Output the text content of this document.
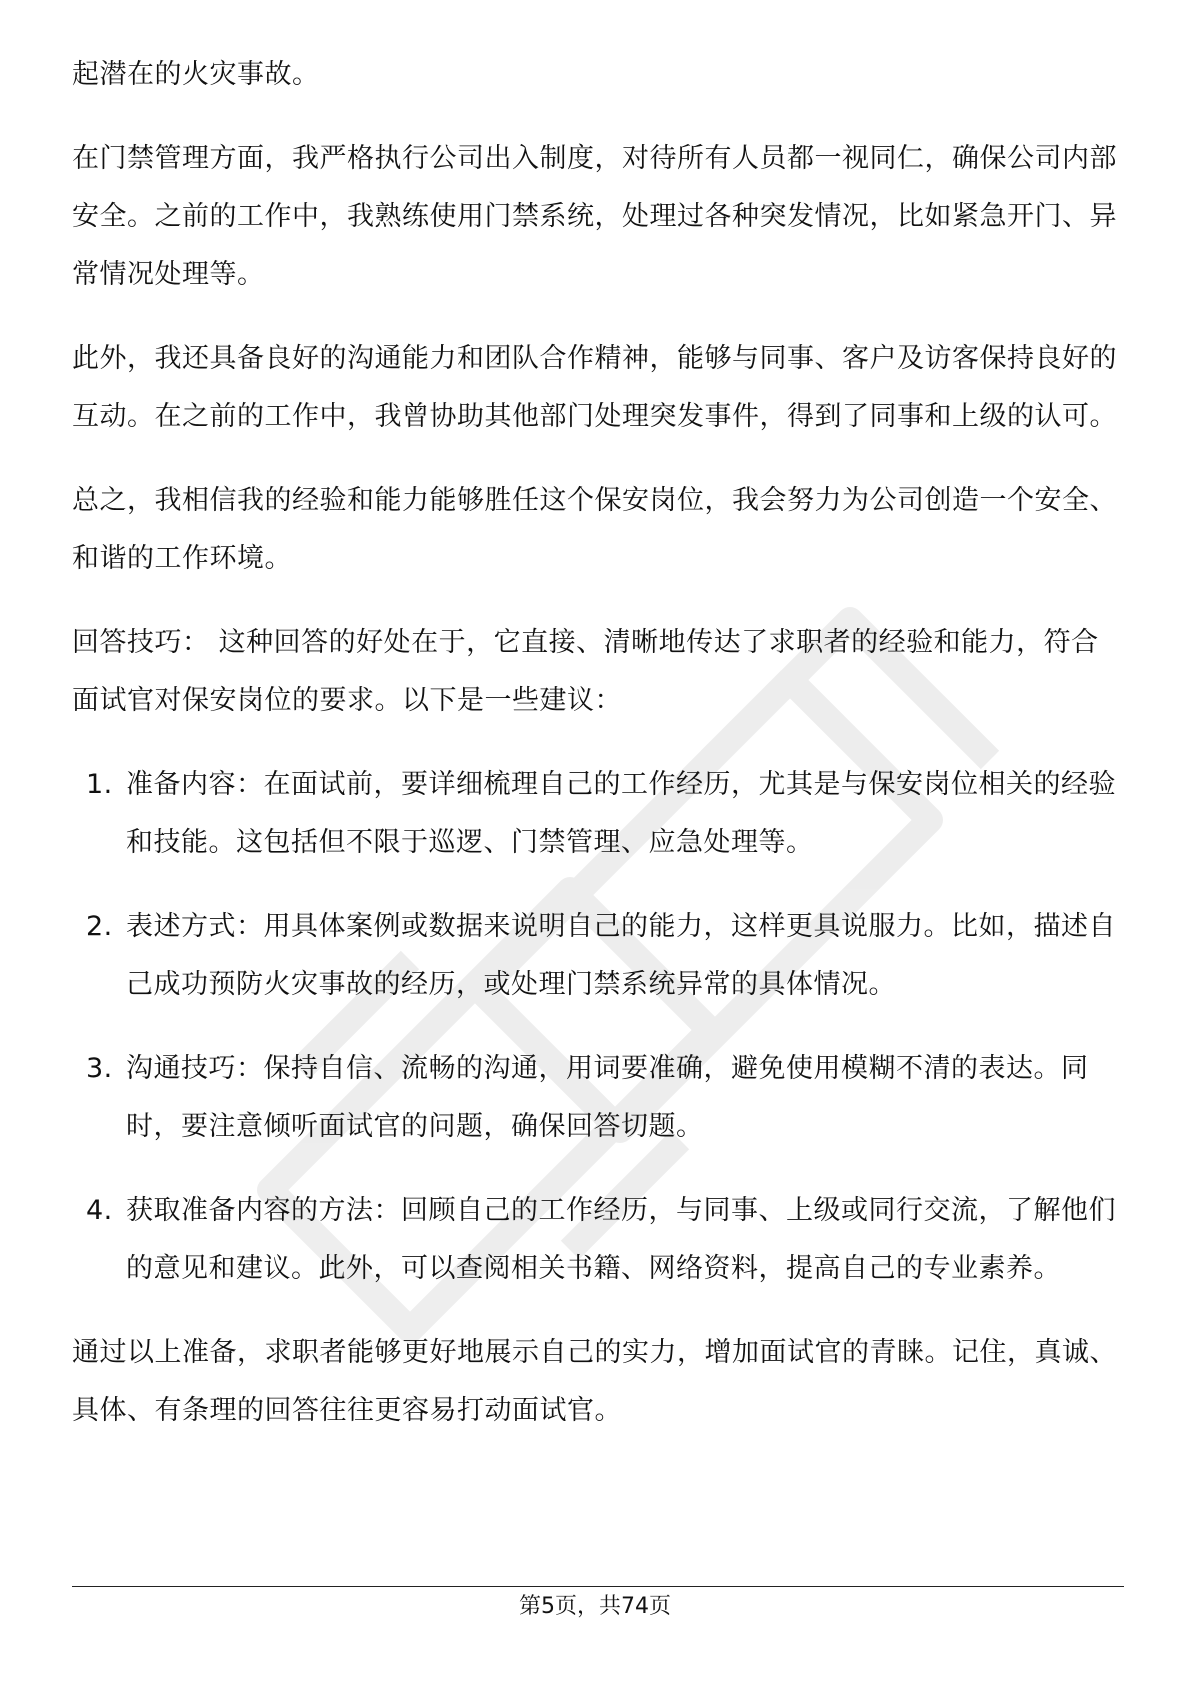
起潜在的火灾事故。

在门禁管理方面，我严格执行公司出入制度，对待所有人员都一视同仁，确保公司内部安全。之前的工作中，我熟练使用门禁系统，处理过各种突发情况，比如紧急开门、异常情况处理等。

此外，我还具备良好的沟通能力和团队合作精神，能够与同事、客户及访客保持良好的互动。在之前的工作中，我曾协助其他部门处理突发事件，得到了同事和上级的认可。

总之，我相信我的经验和能力能够胜任这个保安岗位，我会努力为公司创造一个安全、和谐的工作环境。

回答技巧： 这种回答的好处在于，它直接、清晰地传达了求职者的经验和能力，符合面试官对保安岗位的要求。以下是一些建议：

1. 准备内容：在面试前，要详细梳理自己的工作经历，尤其是与保安岗位相关的经验和技能。这包括但不限于巡逻、门禁管理、应急处理等。
2. 表述方式：用具体案例或数据来说明自己的能力，这样更具说服力。比如，描述自己成功预防火灾事故的经历，或处理门禁系统异常的具体情况。
3. 沟通技巧：保持自信、流畅的沟通，用词要准确，避免使用模糊不清的表达。同时，要注意倾听面试官的问题，确保回答切题。
4. 获取准备内容的方法：回顾自己的工作经历，与同事、上级或同行交流，了解他们的意见和建议。此外，可以查阅相关书籍、网络资料，提高自己的专业素养。

通过以上准备，求职者能够更好地展示自己的实力，增加面试官的青睐。记住，真诚、具体、有条理的回答往往更容易打动面试官。

第5页，共74页
